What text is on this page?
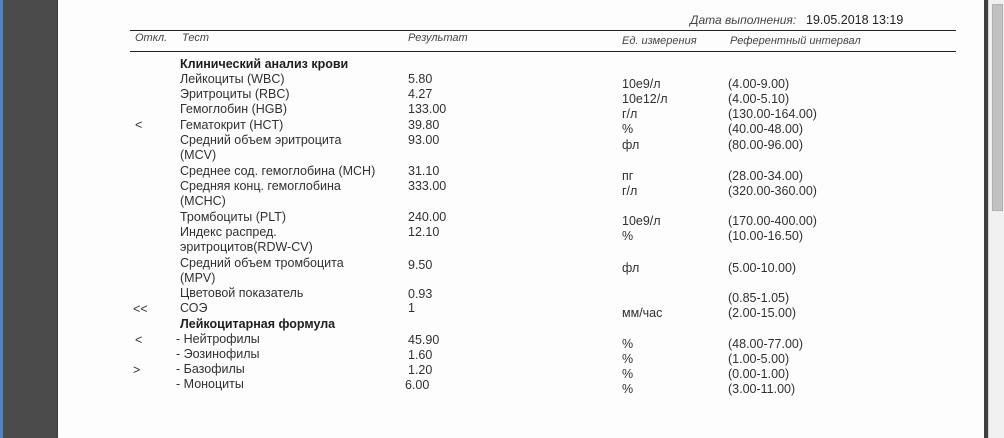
Дата выполнения: 19.05.2018 13:19
Откл. Тест	Результат	Ед. измерения	Референтный интервал
Клинический анализ крови
Лейкоциты (WBC)	5.80	10е9/л	(4.00-9.00)
Эритроциты (RBC)	4.27	10е12/л	(4.00-5.10)
Гемоглобин (HGB)	133.00	г/л	(130.00-164.00)
<	Гематокрит (HCT)	39.80	%	(40.00-48.00)
Средний объем эритроцита
(MCV)
93.00	фл	(80.00-96.00)
Среднее сод. гемоглобина (MCH)	31.10	пг	(28.00-34.00)
Средняя конц. гемоглобина
(MCHC)
333.00	г/л	(320.00-360.00)
Тромбоциты (PLT)	240.00	10е9/л	(170.00-400.00)
Индекс распред.
эритроцитов(RDW-CV)
12.10	%	(10.00-16.50)
Средний объем тромбоцита
(MPV)
9.50	фл	(5.00-10.00)
Цветовой показатель	0.93	(0.85-1.05)
<<	СОЭ	1	мм/час	(2.00-15.00)
Лейкоцитарная формула
<	- Нейтрофилы	45.90	%	(48.00-77.00)
- Эозинофилы	1.60	%	(1.00-5.00)
>	- Базофилы	1.20	%	(0.00-1.00)
- Моноциты	6.00	%	(3.00-11.00)
